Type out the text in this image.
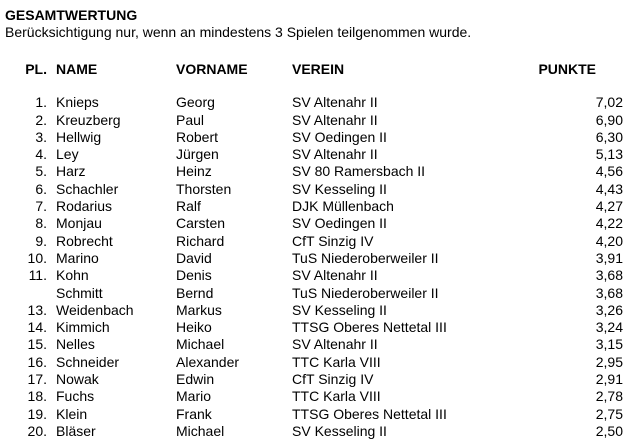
GESAMTWERTUNG
Berücksichtigung nur, wenn an mindestens 3 Spielen teilgenommen wurde.
PL. NAME	VORNAME	VEREIN	PUNKTE
1. Knieps	Georg	SV Altenahr II	7,02
2. Kreuzberg	Paul	SV Altenahr II	6,90
3. Hellwig	Robert	SV Oedingen II	6,30
4. Ley	Jürgen	SV Altenahr II	5,13
5. Harz	Heinz	SV 80 Ramersbach II	4,56
6. Schachler	Thorsten	SV Kesseling II	4,43
7. Rodarius	Ralf	DJK Müllenbach	4,27
8. Monjau	Carsten	SV Oedingen II	4,22
9. Robrecht	Richard	CfT Sinzig IV	4,20
10. Marino	David	TuS Niederoberweiler II	3,91
11. Kohn	Denis	SV Altenahr II	3,68
Schmitt	Bernd	TuS Niederoberweiler II	3,68
13. Weidenbach	Markus	SV Kesseling II	3,26
14. Kimmich	Heiko	TTSG Oberes Nettetal III	3,24
15. Nelles	Michael	SV Altenahr II	3,15
16. Schneider	Alexander	TTC Karla VIII	2,95
17. Nowak	Edwin	CfT Sinzig IV	2,91
18. Fuchs	Mario	TTC Karla VIII	2,78
19. Klein	Frank	TTSG Oberes Nettetal III	2,75
20. Bläser	Michael	SV Kesseling II	2,50
